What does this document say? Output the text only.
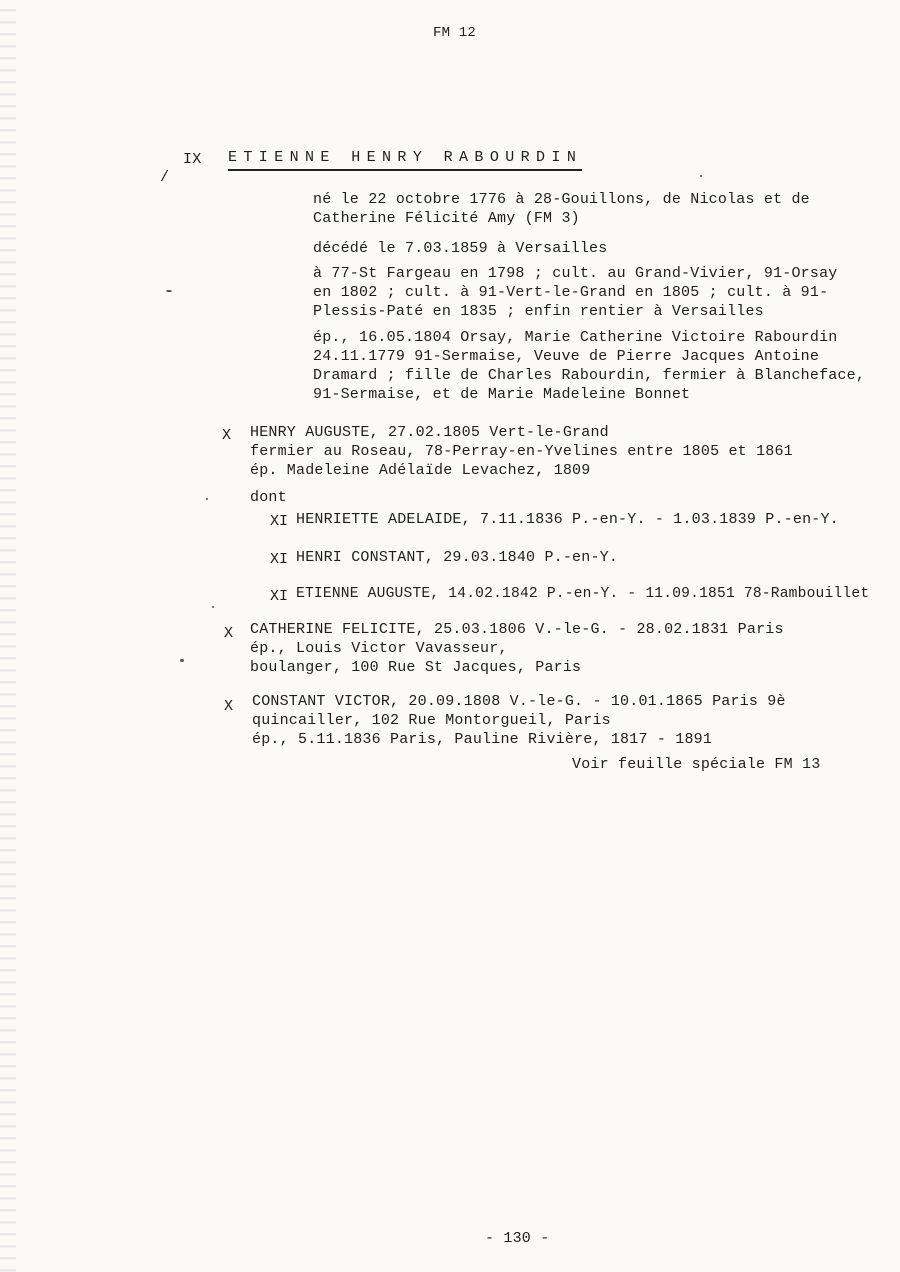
FM 12
IX ETIENNE HENRY RABOURDIN
/
né le 22 octobre 1776 à 28-Gouillons, de Nicolas et de
Catherine Félicité Amy (FM 3)
décédé le 7.03.1859 à Versailles
à 77-St Fargeau en 1798 ; cult. au Grand-Vivier, 91-Orsay
en 1802 ; cult. à 91-Vert-le-Grand en 1805 ; cult. à 91-
Plessis-Paté en 1835 ; enfin rentier à Versailles
ép., 16.05.1804 Orsay, Marie Catherine Victoire Rabourdin
24.11.1779 91-Sermaise, Veuve de Pierre Jacques Antoine
Dramard ; fille de Charles Rabourdin, fermier à Blancheface,
91-Sermaise, et de Marie Madeleine Bonnet
X HENRY AUGUSTE, 27.02.1805 Vert-le-Grand
fermier au Roseau, 78-Perray-en-Yvelines entre 1805 et 1861
ép. Madeleine Adélaïde Levachez, 1809
dont
XI HENRIETTE ADELAIDE, 7.11.1836 P.-en-Y. - 1.03.1839 P.-en-Y.
XI HENRI CONSTANT, 29.03.1840 P.-en-Y.
XI ETIENNE AUGUSTE, 14.02.1842 P.-en-Y. - 11.09.1851 78-Rambouillet
X CATHERINE FELICITE, 25.03.1806 V.-le-G. - 28.02.1831 Paris
ép., Louis Victor Vavasseur,
boulanger, 100 Rue St Jacques, Paris
X CONSTANT VICTOR, 20.09.1808 V.-le-G. - 10.01.1865 Paris 9è
quincailler, 102 Rue Montorgueil, Paris
ép., 5.11.1836 Paris, Pauline Rivière, 1817 - 1891
Voir feuille spéciale FM 13
- 130 -
